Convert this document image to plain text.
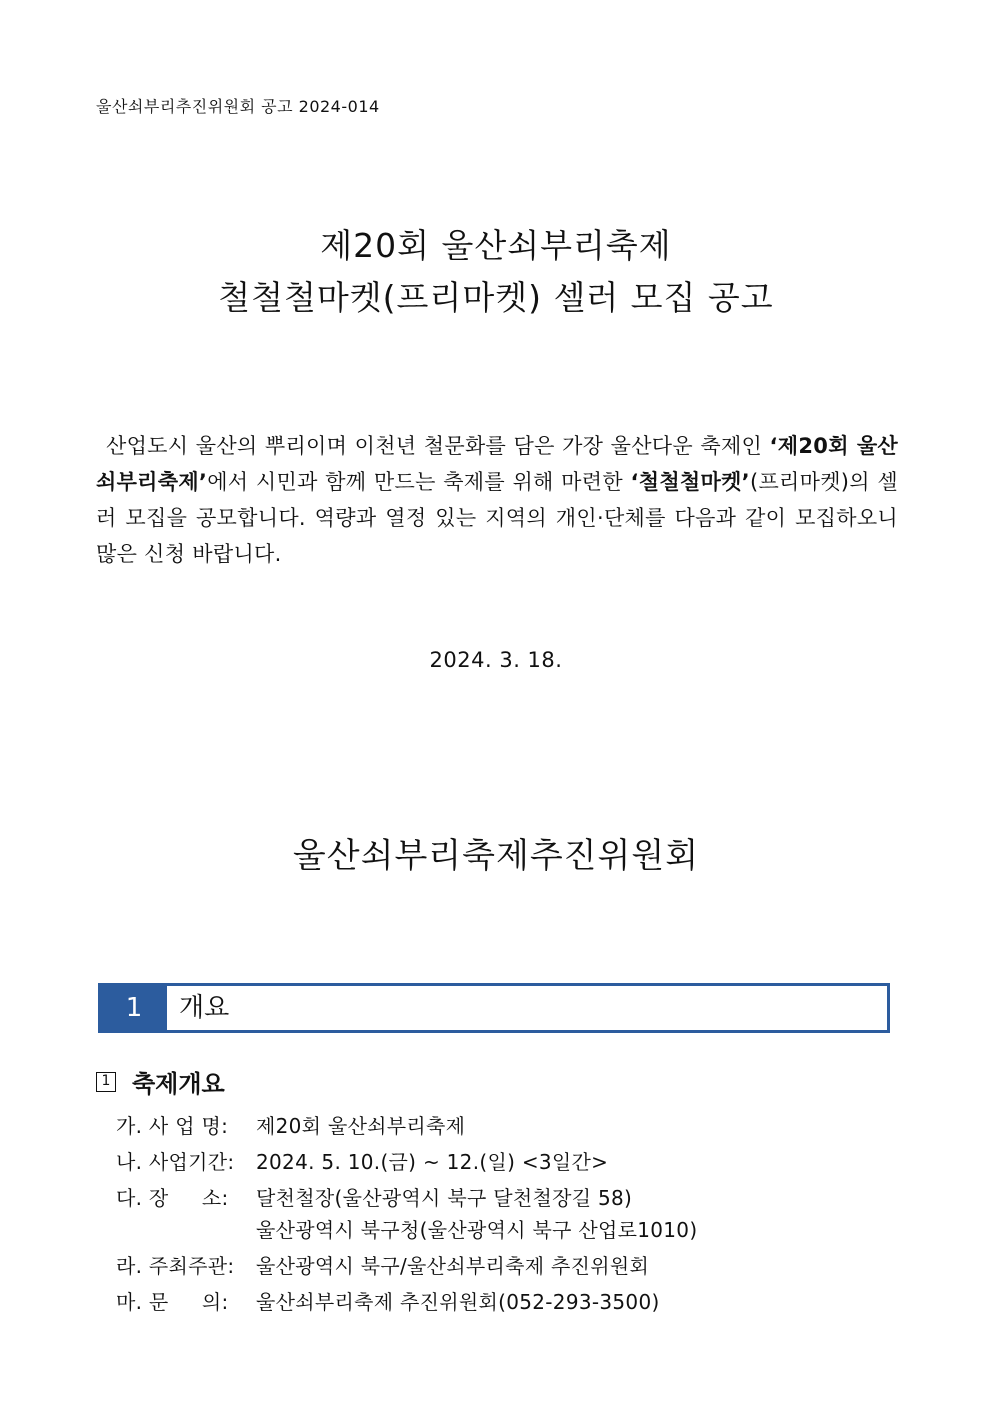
울산쇠부리추진위원회 공고 2024-014
제20회 울산쇠부리축제
철철철마켓(프리마켓) 셀러 모집 공고
산업도시 울산의 뿌리이며 이천년 철문화를 담은 가장 울산다운 축제인 ‘제20회 울산쇠부리축제’에서 시민과 함께 만드는 축제를 위해 마련한 ‘철철철마켓’(프리마켓)의 셀러 모집을 공모합니다. 역량과 열정 있는 지역의 개인·단체를 다음과 같이 모집하오니 많은 신청 바랍니다.
2024. 3. 18.
울산쇠부리축제추진위원회
1	개요
1 축제개요
가. 사 업 명: 제20회 울산쇠부리축제
나. 사업기간: 2024. 5. 10.(금) ~ 12.(일) <3일간>
다. 장     소: 달천철장(울산광역시 북구 달천철장길 58)
울산광역시 북구청(울산광역시 북구 산업로1010)
라. 주최주관: 울산광역시 북구/울산쇠부리축제 추진위원회
마. 문     의: 울산쇠부리축제 추진위원회(052-293-3500)
